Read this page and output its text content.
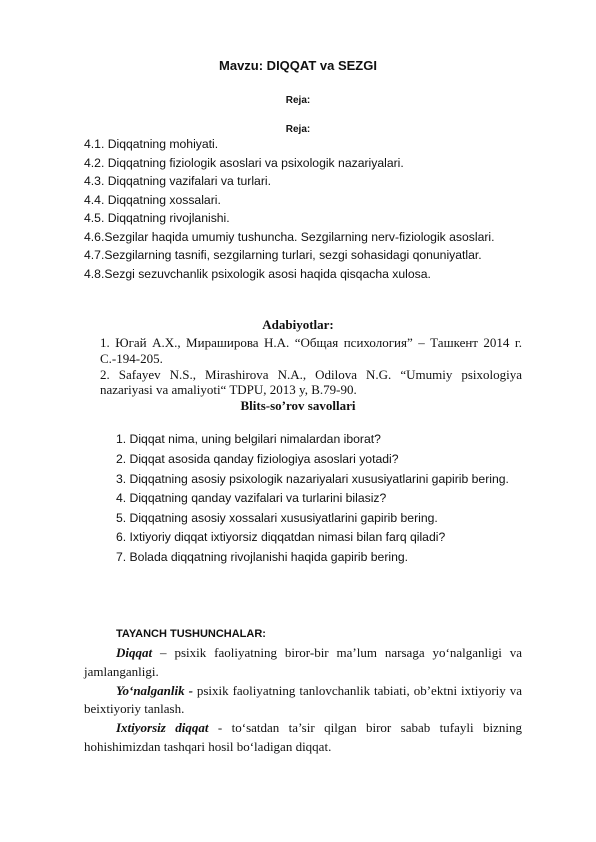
Mavzu: DIQQAT va SEZGI
Reja:
Reja:
4.1. Diqqatning mohiyati.
4.2. Diqqatning fiziologik asoslari va psixologik nazariyalari.
4.3. Diqqatning vazifalari va turlari.
4.4. Diqqatning xossalari.
4.5. Diqqatning rivojlanishi.
4.6.Sezgilar haqida umumiy tushuncha. Sezgilarning nerv-fiziologik asoslari.
4.7.Sezgilarning tasnifi, sezgilarning turlari, sezgi sohasidagi qonuniyatlar.
4.8.Sezgi sezuvchanlik psixologik asosi haqida qisqacha xulosa.
Adabiyotlar:
1. Югай А.Х., Мираширова Н.А. “Общая психология” – Ташкент 2014 г.
С.-194-205.
2. Safayev N.S., Mirashirova N.A., Odilova N.G. “Umumiy psixologiya
nazariyasi va amaliyoti“ TDPU, 2013 y, B.79-90.
Blits-so’rov savollari
1. Diqqat nima, uning belgilari nimalardan iborat?
2. Diqqat asosida qanday fiziologiya asoslari yotadi?
3. Diqqatning asosiy psixologik nazariyalari xususiyatlarini gapirib bering.
4. Diqqatning qanday vazifalari va turlarini bilasiz?
5. Diqqatning asosiy xossalari xususiyatlarini gapirib bering.
6. Ixtiyoriy diqqat ixtiyorsiz diqqatdan nimasi bilan farq qiladi?
7. Bolada diqqatning rivojlanishi haqida gapirib bering.
TAYANCH TUSHUNCHALAR:
Diqqat – psixik faoliyatning biror-bir ma’lum narsaga yo‘nalganligi va
jamlanganligi.
Yo‘nalganlik - psixik faoliyatning tanlovchanlik tabiati, ob’ektni ixtiyoriy va
beixtiyoriy tanlash.
Ixtiyorsiz diqqat - to‘satdan ta’sir qilgan biror sabab tufayli bizning
hohishimizdan tashqari hosil bo‘ladigan diqqat.
